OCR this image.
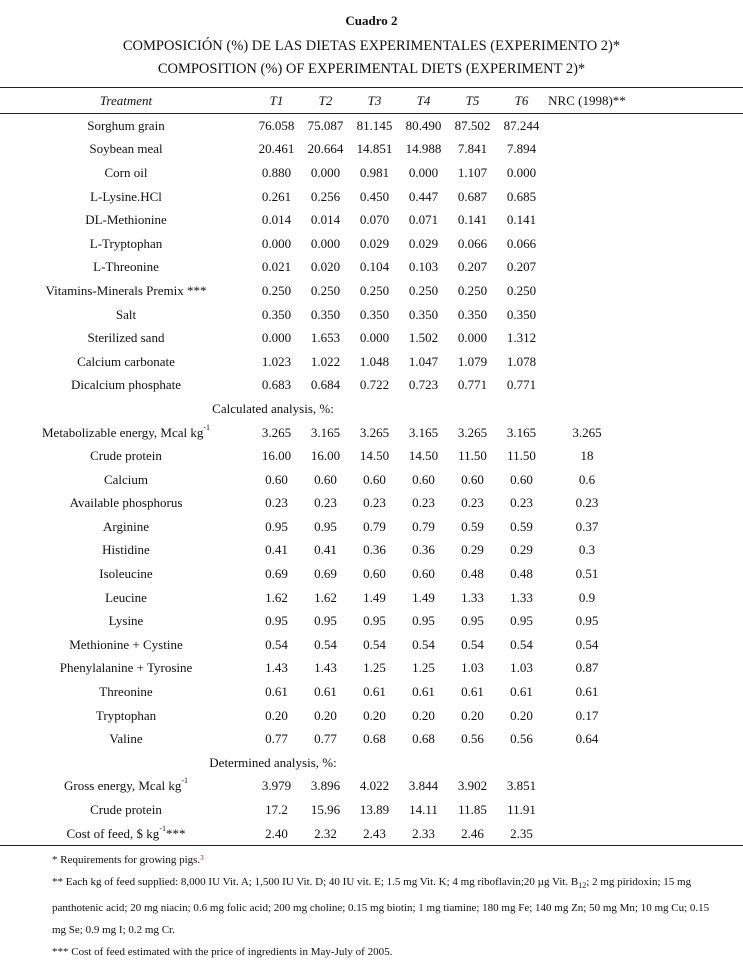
Cuadro 2
COMPOSICIÓN (%) DE LAS DIETAS EXPERIMENTALES (EXPERIMENTO 2)*
COMPOSITION (%) OF EXPERIMENTAL DIETS (EXPERIMENT 2)*
Treatment	T1	T2	T3	T4	T5	T6	NRC (1998)**	
Sorghum grain	76.058	75.087	81.145	80.490	87.502	87.244		
Soybean meal	20.461	20.664	14.851	14.988	7.841	7.894		
Corn oil	0.880	0.000	0.981	0.000	1.107	0.000		
L-Lysine.HCl	0.261	0.256	0.450	0.447	0.687	0.685		
DL-Methionine	0.014	0.014	0.070	0.071	0.141	0.141		
L-Tryptophan	0.000	0.000	0.029	0.029	0.066	0.066		
L-Threonine	0.021	0.020	0.104	0.103	0.207	0.207		
Vitamins-Minerals Premix ***	0.250	0.250	0.250	0.250	0.250	0.250		
Salt	0.350	0.350	0.350	0.350	0.350	0.350		
Sterilized sand	0.000	1.653	0.000	1.502	0.000	1.312		
Calcium carbonate	1.023	1.022	1.048	1.047	1.079	1.078		
Dicalcium phosphate	0.683	0.684	0.722	0.723	0.771	0.771		
Calculated analysis, %:								
Metabolizable energy, Mcal $kg^{-1}$	3.265	3.165	3.265	3.165	3.265	3.165	3.265	
Crude protein	16.00	16.00	14.50	14.50	11.50	11.50	18	
Calcium	0.60	0.60	0.60	0.60	0.60	0.60	0.6	
Available phosphorus	0.23	0.23	0.23	0.23	0.23	0.23	0.23	
Arginine	0.95	0.95	0.79	0.79	0.59	0.59	0.37	
Histidine	0.41	0.41	0.36	0.36	0.29	0.29	0.3	
Isoleucine	0.69	0.69	0.60	0.60	0.48	0.48	0.51	
Leucine	1.62	1.62	1.49	1.49	1.33	1.33	0.9	
Lysine	0.95	0.95	0.95	0.95	0.95	0.95	0.95	
Methionine + Cystine	0.54	0.54	0.54	0.54	0.54	0.54	0.54	
Phenylalanine + Tyrosine	1.43	1.43	1.25	1.25	1.03	1.03	0.87	
Threonine	0.61	0.61	0.61	0.61	0.61	0.61	0.61	
Tryptophan	0.20	0.20	0.20	0.20	0.20	0.20	0.17	
Valine	0.77	0.77	0.68	0.68	0.56	0.56	0.64	
Determined analysis, %:								
Gross energy, Mcal $kg^{-1}$	3.979	3.896	4.022	3.844	3.902	3.851		
Crude protein	17.2	15.96	13.89	14.11	11.85	11.91		
Cost of feed, $ $kg^{-1}***$	2.40	2.32	2.43	2.33	2.46	2.35		

* Requirements for growing pigs.$^3$

** Each kg of feed supplied: 8,000 IU Vit. A; 1,500 IU Vit. D; 40 IU vit. E; 1.5 mg Vit. K; 4 mg riboflavin;20 µg Vit. $B_{12}$; 2 mg piridoxin; 15 mg panthotenic acid; 20 mg niacin; 0.6 mg folic acid; 200 mg choline; 0.15 mg biotin; 1 mg tiamine; 180 mg Fe; 140 mg Zn; 50 mg Mn; 10 mg Cu; 0.15 mg Se; 0.9 mg I; 0.2 mg Cr.

*** Cost of feed estimated with the price of ingredients in May-July of 2005.
